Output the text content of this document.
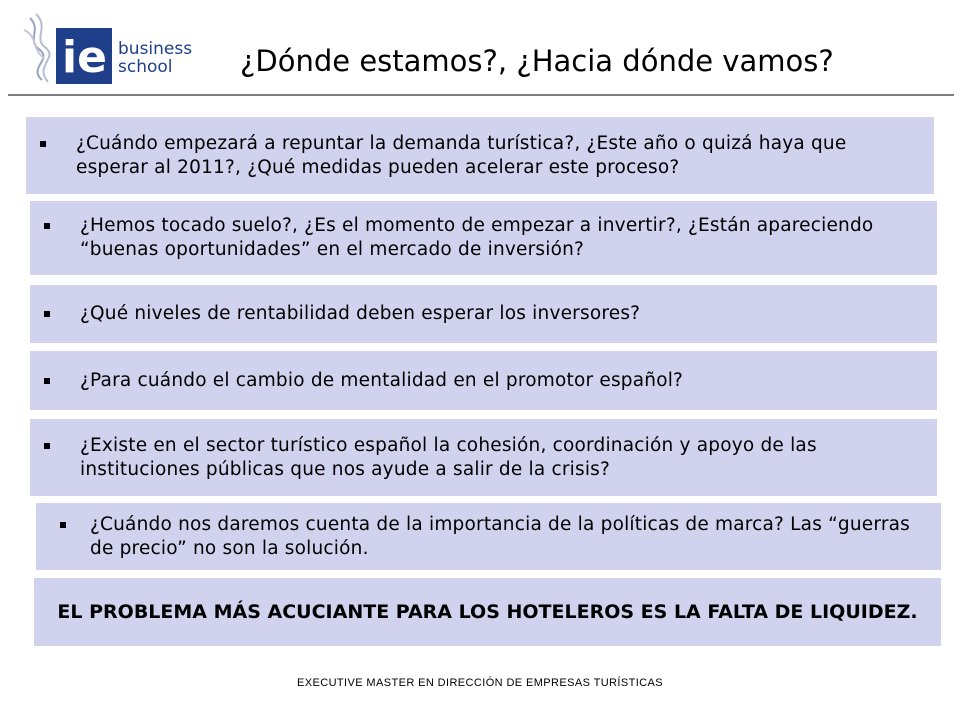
ie business
school ¿Dónde estamos?, ¿Hacia dónde vamos?
¿Cuándo empezará a repuntar la demanda turística?, ¿Este año o quizá haya que esperar al 2011?, ¿Qué medidas pueden acelerar este proceso?
¿Hemos tocado suelo?, ¿Es el momento de empezar a invertir?, ¿Están apareciendo “buenas oportunidades” en el mercado de inversión?
¿Qué niveles de rentabilidad deben esperar los inversores?
¿Para cuándo el cambio de mentalidad en el promotor español?
¿Existe en el sector turístico español la cohesión, coordinación y apoyo de las instituciones públicas que nos ayude a salir de la crisis?
¿Cuándo nos daremos cuenta de la importancia de la políticas de marca? Las “guerras de precio” no son la solución.
EL PROBLEMA MÁS ACUCIANTE PARA LOS HOTELEROS ES LA FALTA DE LIQUIDEZ.
EXECUTIVE MASTER EN DIRECCIÓN DE EMPRESAS TURÍSTICAS
